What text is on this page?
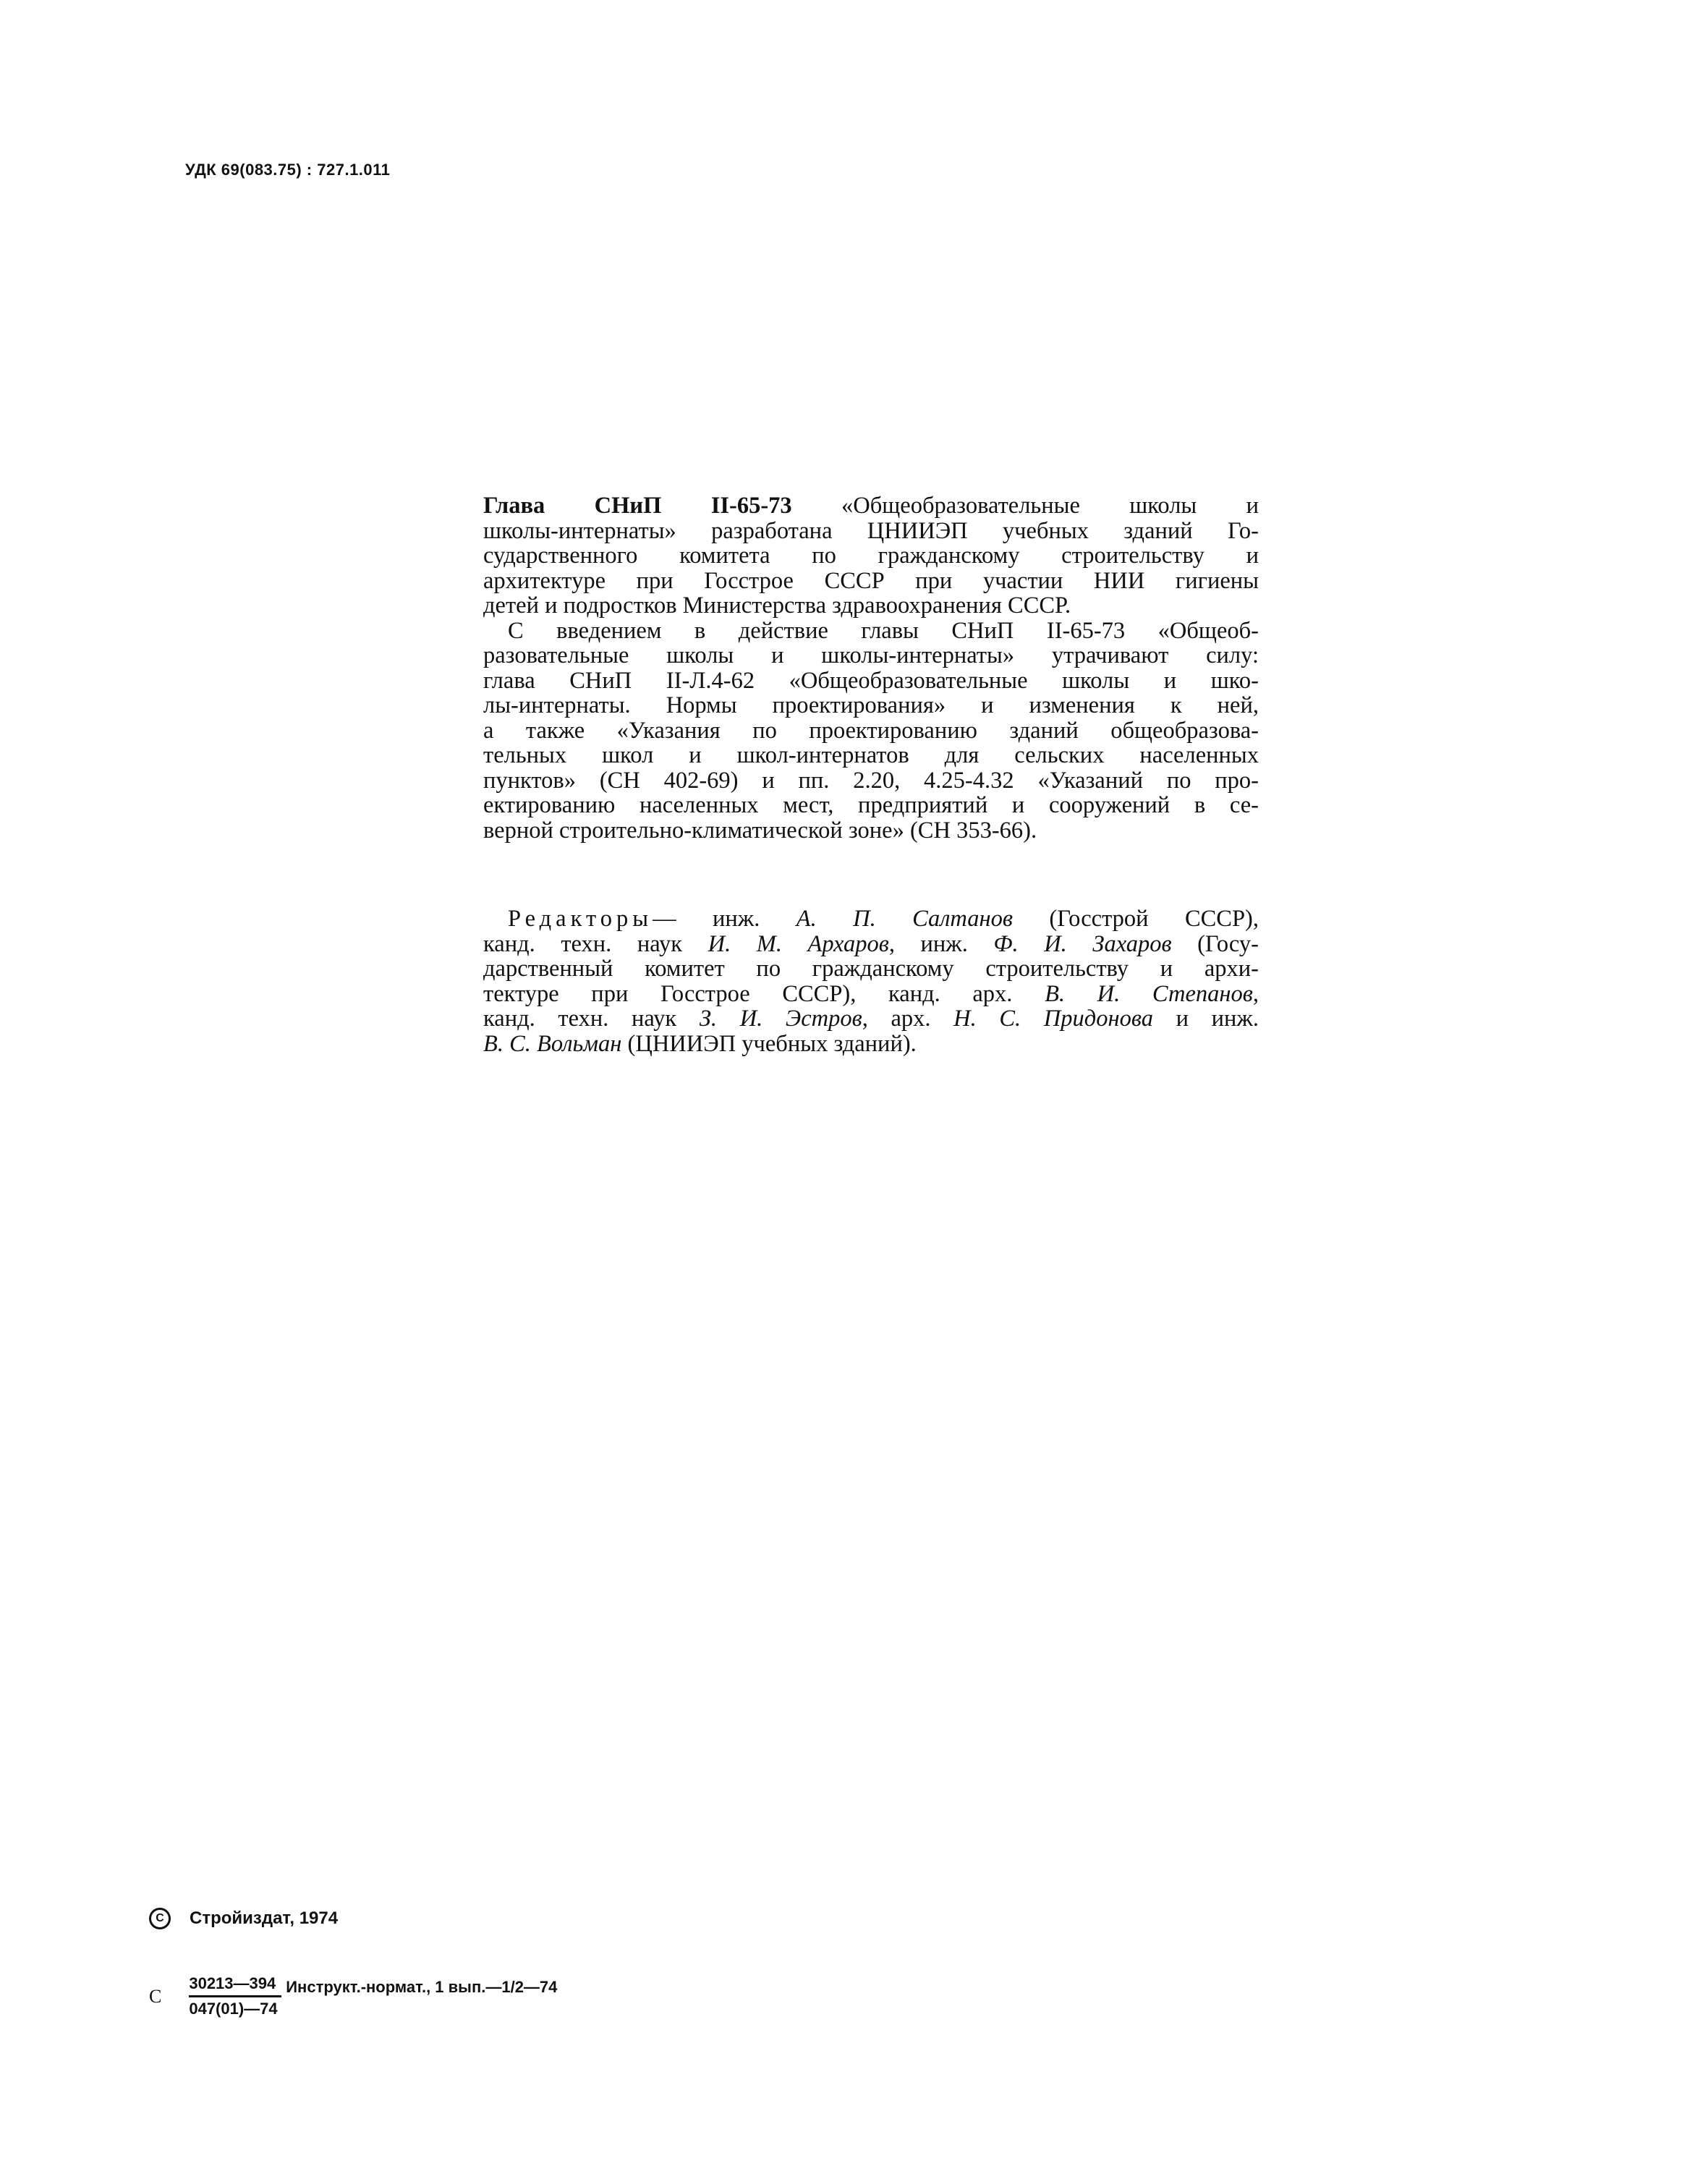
УДК 69(083.75) : 727.1.011

Глава СНиП II-65-73 «Общеобразовательные школы и

школы-интернаты» разработана ЦНИИЭП учебных зданий Го-

сударственного комитета по гражданскому строительству и

архитектуре при Госстрое СССР при участии НИИ гигиены

детей и подростков Министерства здравоохранения СССР.

С введением в действие главы СНиП II-65-73 «Общеоб-

разовательные школы и школы-интернаты» утрачивают силу:

глава СНиП II-Л.4-62 «Общеобразовательные школы и шко-

лы-интернаты. Нормы проектирования» и изменения к ней,

а также «Указания по проектированию зданий общеобразова-

тельных школ и школ-интернатов для сельских населенных

пунктов» (СН 402-69) и пп. 2.20, 4.25-4.32 «Указаний по про-

ектированию населенных мест, предприятий и сооружений в се-

верной строительно-климатической зоне» (СН 353-66).

Редакторы— инж. А. П. Салтанов (Госстрой СССР),

канд. техн. наук И. М. Архаров, инж. Ф. И. Захаров (Госу-

дарственный комитет по гражданскому строительству и архи-

тектуре при Госстрое СССР), канд. арх. В. И. Степанов,

канд. техн. наук З. И. Эстров, арх. Н. С. Придонова и инж.

В. С. Вольман (ЦНИИЭП учебных зданий).

C	Стройиздат, 1974
С $\frac{30213—394}{047(01)—74}$ Инструкт.-нормат., 1 вып.—1/2—74
